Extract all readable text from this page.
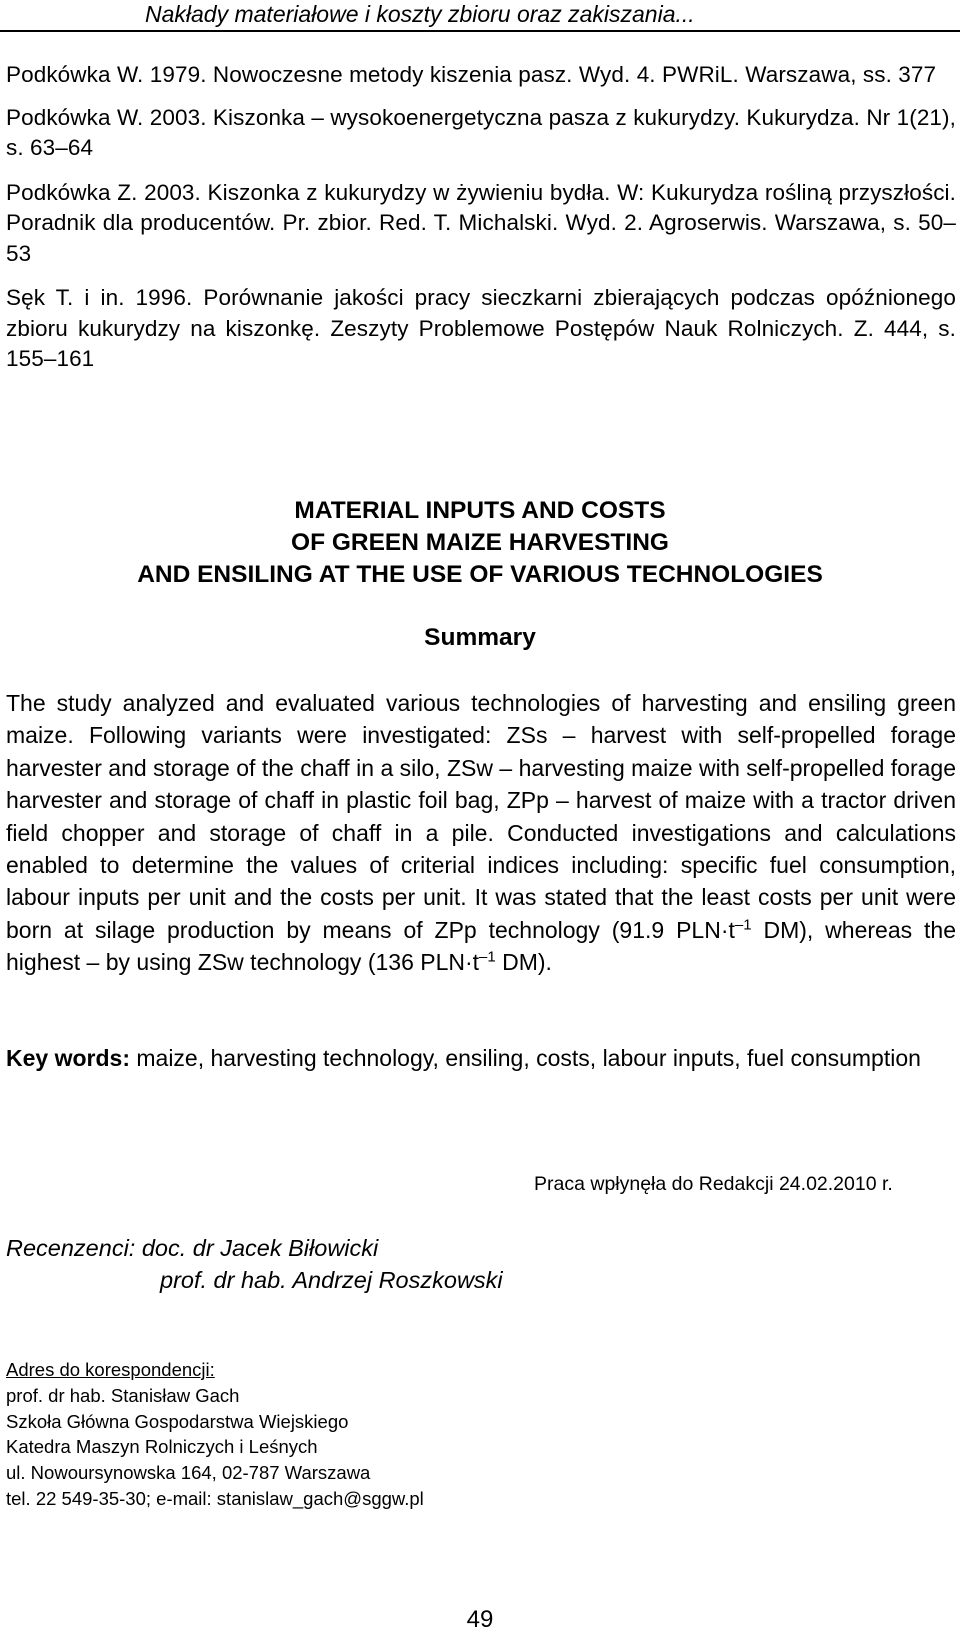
Nakłady materiałowe i koszty zbioru oraz zakiszania...

Podkówka W. 1979. Nowoczesne metody kiszenia pasz. Wyd. 4. PWRiL. Warszawa, ss. 377

Podkówka W. 2003. Kiszonka – wysokoenergetyczna pasza z kukurydzy. Kukurydza. Nr 1(21), s. 63–64

Podkówka Z. 2003. Kiszonka z kukurydzy w żywieniu bydła. W: Kukurydza rośliną przyszłości. Poradnik dla producentów. Pr. zbior. Red. T. Michalski. Wyd. 2. Agroserwis. Warszawa, s. 50–53

Sęk T. i in. 1996. Porównanie jakości pracy sieczkarni zbierających podczas opóźnionego zbioru kukurydzy na kiszonkę. Zeszyty Problemowe Postępów Nauk Rolniczych. Z. 444, s. 155–161

MATERIAL INPUTS AND COSTS
OF GREEN MAIZE HARVESTING
AND ENSILING AT THE USE OF VARIOUS TECHNOLOGIES
Summary
The study analyzed and evaluated various technologies of harvesting and ensiling green maize. Following variants were investigated: ZSs – harvest with self-propelled forage harvester and storage of the chaff in a silo, ZSw – harvesting maize with self-propelled forage harvester and storage of chaff in plastic foil bag, ZPp – harvest of maize with a tractor driven field chopper and storage of chaff in a pile. Conducted investigations and calculations enabled to determine the values of criterial indices including: specific fuel consumption, labour inputs per unit and the costs per unit. It was stated that the least costs per unit were born at silage production by means of ZPp technology (91.9 $PLN\cdot t^{-1}$ DM), whereas the highest – by using ZSw technology (136 $PLN\cdot t^{-1}$ DM).
Key words: maize, harvesting technology, ensiling, costs, labour inputs, fuel consumption
Praca wpłynęła do Redakcji 24.02.2010 r.
Recenzenci: doc. dr Jacek Biłowicki
prof. dr hab. Andrzej Roszkowski
Adres do korespondencji:
prof. dr hab. Stanisław Gach
Szkoła Główna Gospodarstwa Wiejskiego
Katedra Maszyn Rolniczych i Leśnych
ul. Nowoursynowska 164, 02-787 Warszawa
tel. 22 549-35-30; e-mail: stanislaw_gach@sggw.pl
49
